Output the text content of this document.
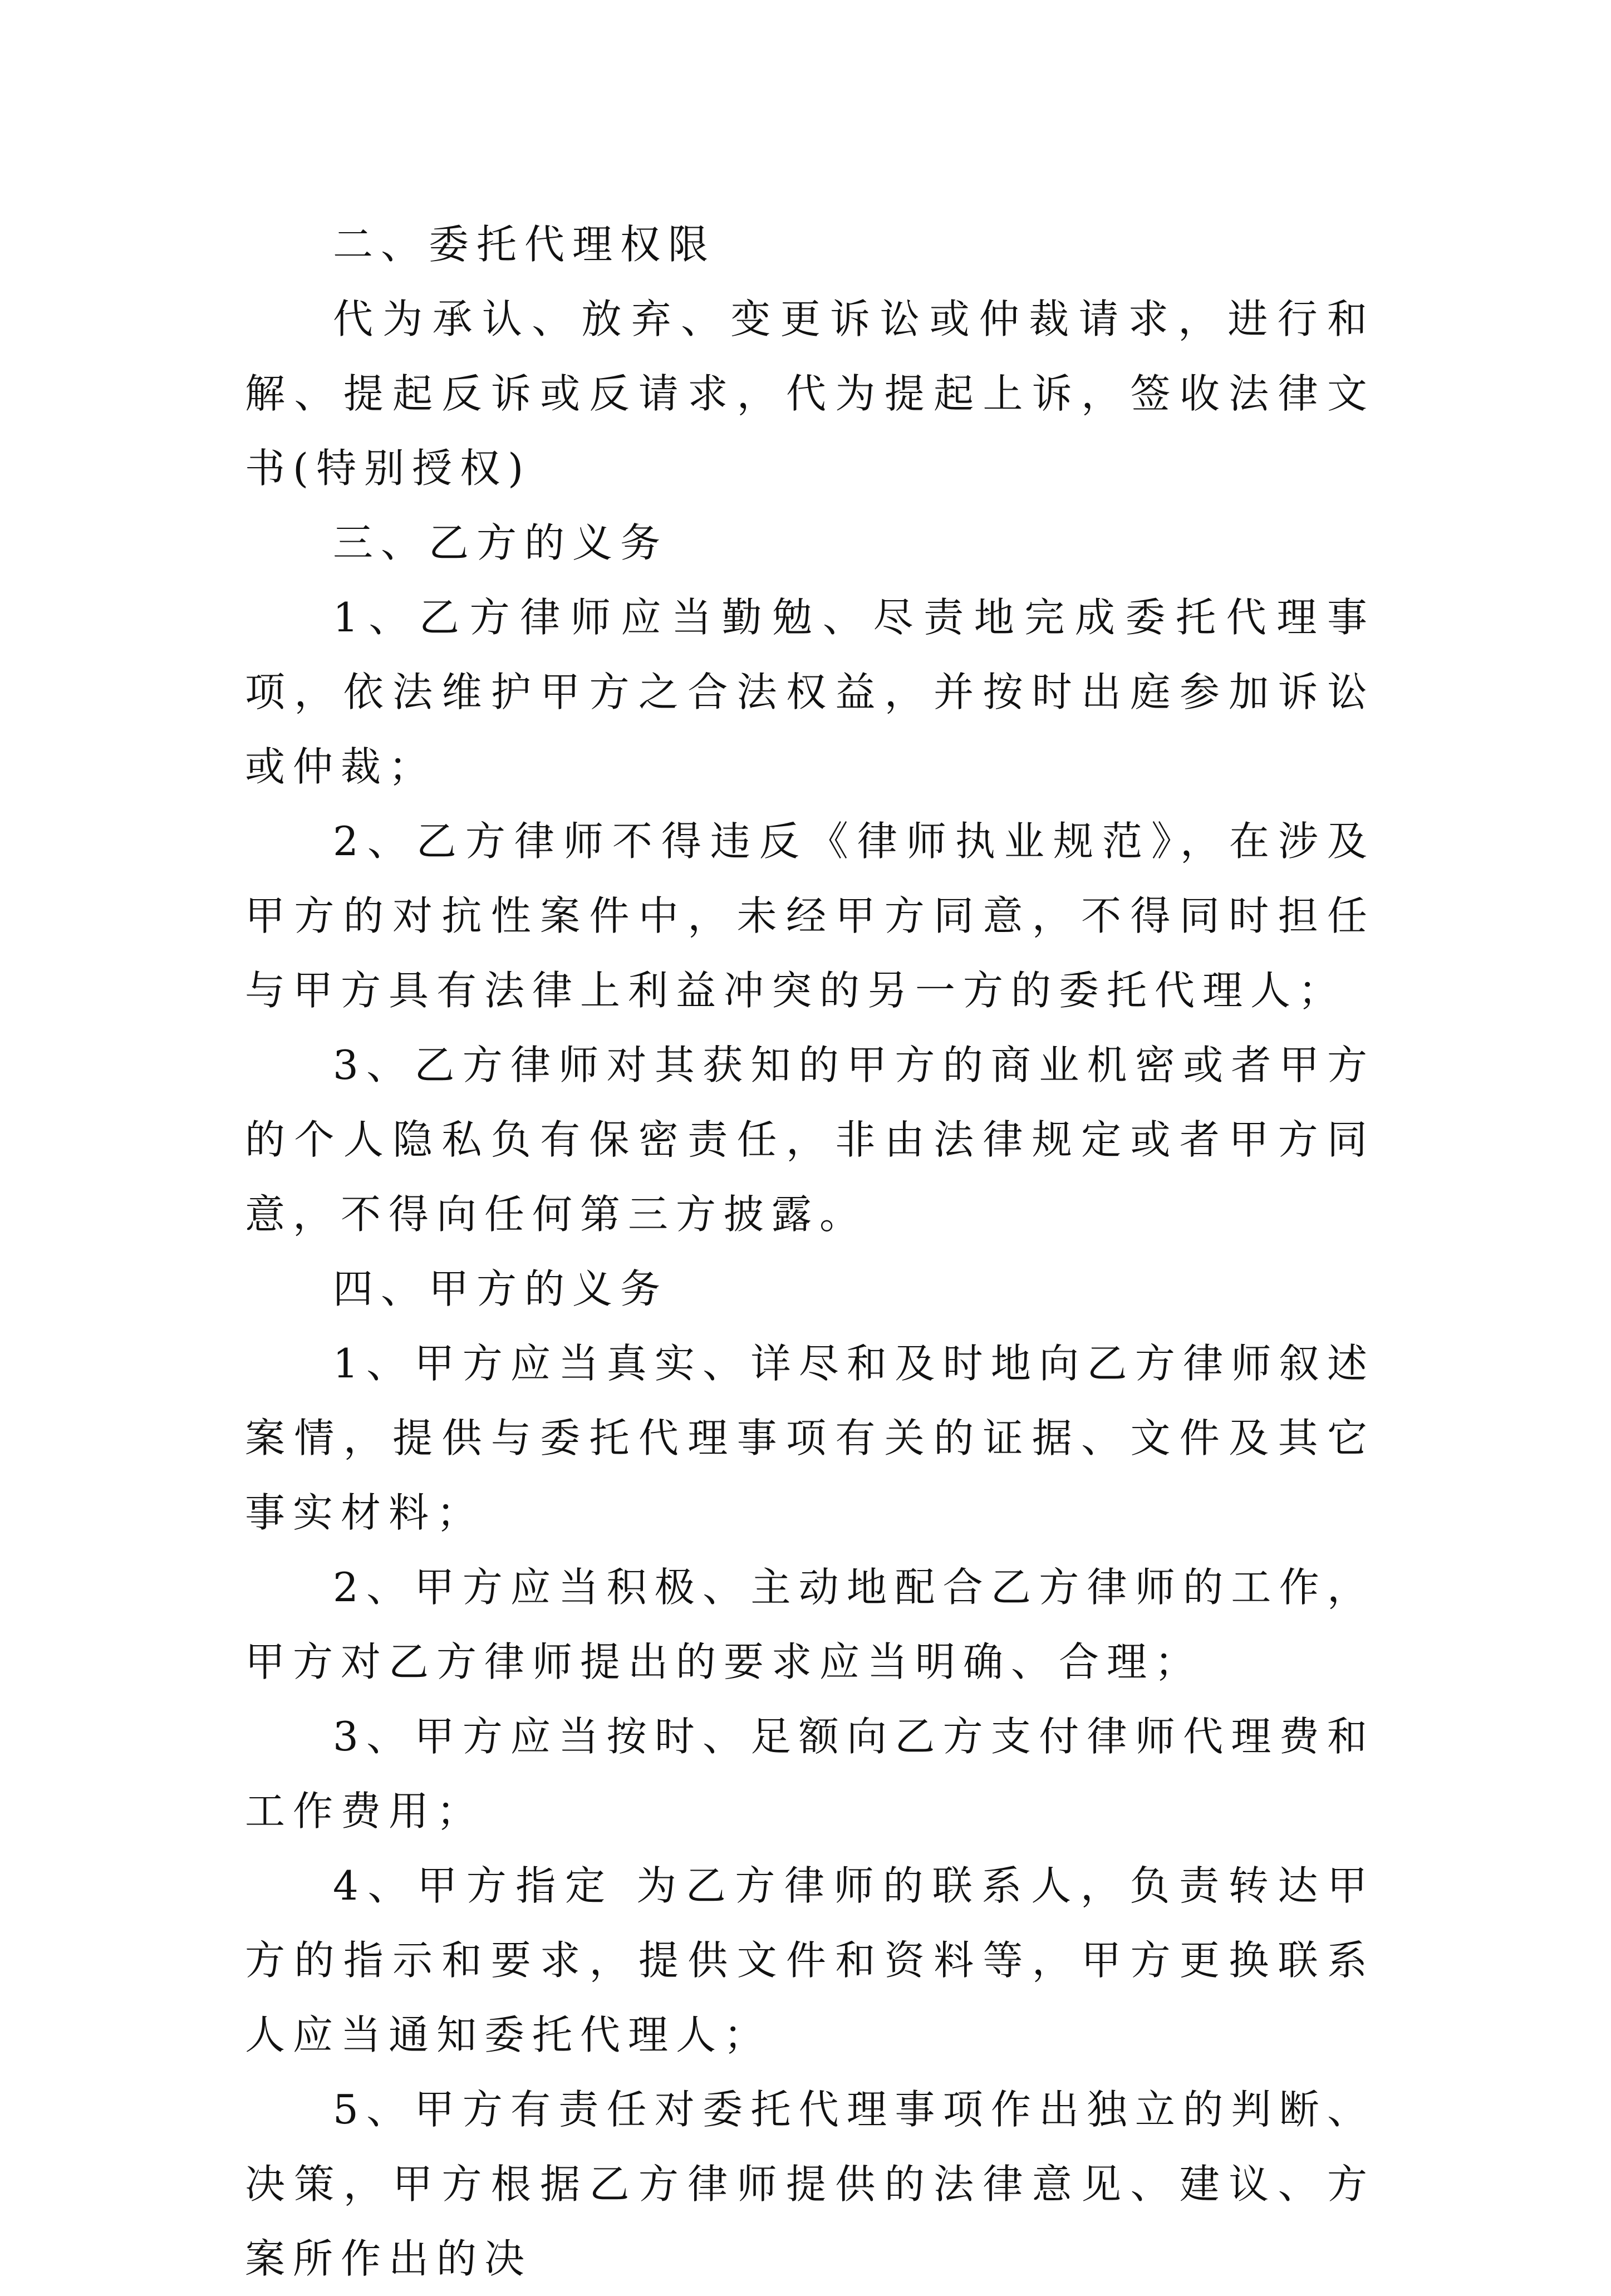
二、委托代理权限

代为承认、放弃、变更诉讼或仲裁请求，进行和解、提起反诉或反请求，代为提起上诉，签收法律文书(特别授权)

三、乙方的义务

1、乙方律师应当勤勉、尽责地完成委托代理事项，依法维护甲方之合法权益，并按时出庭参加诉讼或仲裁；

2、乙方律师不得违反《律师执业规范》，在涉及甲方的对抗性案件中，未经甲方同意，不得同时担任与甲方具有法律上利益冲突的另一方的委托代理人；

3、乙方律师对其获知的甲方的商业机密或者甲方的个人隐私负有保密责任，非由法律规定或者甲方同意，不得向任何第三方披露。

四、甲方的义务

1、甲方应当真实、详尽和及时地向乙方律师叙述案情，提供与委托代理事项有关的证据、文件及其它事实材料；

2、甲方应当积极、主动地配合乙方律师的工作，甲方对乙方律师提出的要求应当明确、合理；

3、甲方应当按时、足额向乙方支付律师代理费和工作费用；

4、甲方指定 为乙方律师的联系人，负责转达甲方的指示和要求，提供文件和资料等，甲方更换联系人应当通知委托代理人；

5、甲方有责任对委托代理事项作出独立的判断、决策，甲方根据乙方律师提供的法律意见、建议、方案所作出的决
